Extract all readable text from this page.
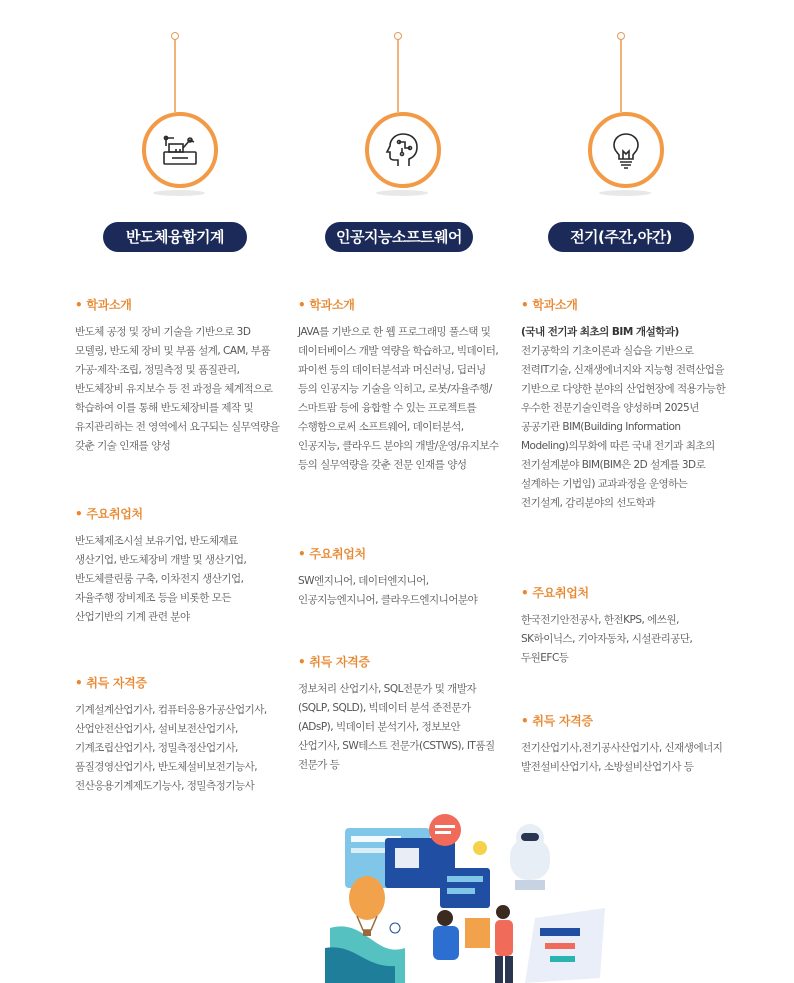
반도체융합기계
• 학과소개
반도체 공정 및 장비 기술을 기반으로 3D 모델링, 반도체 장비 및 부품 설계, CAM, 부품 가공·제작·조립, 정밀측정 및 품질관리, 반도체장비 유지보수 등 전 과정을 체계적으로 학습하여 이를 통해 반도체장비를 제작 및 유지관리하는 전 영역에서 요구되는 실무역량을 갖춘 기술 인재를 양성
• 주요취업처
반도체제조시설 보유기업, 반도체재료 생산기업, 반도체장비 개발 및 생산기업, 반도체클린룸 구축, 이차전지 생산기업, 자율주행 장비제조 등을 비롯한 모든 산업기반의 기계 관련 분야
• 취득 자격증
기계설계산업기사, 컴퓨터응용가공산업기사, 산업안전산업기사, 설비보전산업기사, 기계조립산업기사, 정밀측정산업기사, 품질경영산업기사, 반도체설비보전기능사, 전산응용기계제도기능사, 정밀측정기능사
인공지능소프트웨어
• 학과소개
JAVA를 기반으로 한 웹 프로그래밍 풀스택 및 데이터베이스 개발 역량을 학습하고, 빅데이터, 파이썬 등의 데이터분석과 머신러닝, 딥러닝 등의 인공지능 기술을 익히고, 로봇/자율주행/스마트팜 등에 융합할 수 있는 프로젝트를 수행함으로써 소프트웨어, 데이터분석, 인공지능, 클라우드 분야의 개발/운영/유지보수 등의 실무역량을 갖춘 전문 인재를 양성
• 주요취업처
SW엔지니어, 데이터엔지니어, 인공지능엔지니어, 클라우드엔지니어분야
• 취득 자격증
정보처리 산업기사, SQL전문가 및 개발자(SQLP, SQLD), 빅데이터 분석 준전문가(ADsP), 빅데이터 분석기사, 정보보안 산업기사, SW테스트 전문가(CSTWS), IT품질 전문가 등
전기(주간,야간)
• 학과소개
(국내 전기과 최초의 BIM 개설학과)
전기공학의 기초이론과 실습을 기반으로 전력IT기술, 신재생에너지와 지능형 전력산업을 기반으로 다양한 분야의 산업현장에 적용가능한 우수한 전문기술인력을 양성하며 2025년 공공기관 BIM(Building Information Modeling)의무화에 따른 국내 전기과 최초의 전기설계분야 BIM(BIM은 2D 설계를 3D로 설계하는 기법임) 교과과정을 운영하는 전기설계, 감리분야의 선도학과
• 주요취업처
한국전기안전공사, 한전KPS, 에쓰원, SK하이닉스, 기아자동차, 시설관리공단, 두원EFC등
• 취득 자격증
전기산업기사,전기공사산업기사, 신재생에너지 발전설비산업기사, 소방설비산업기사 등
